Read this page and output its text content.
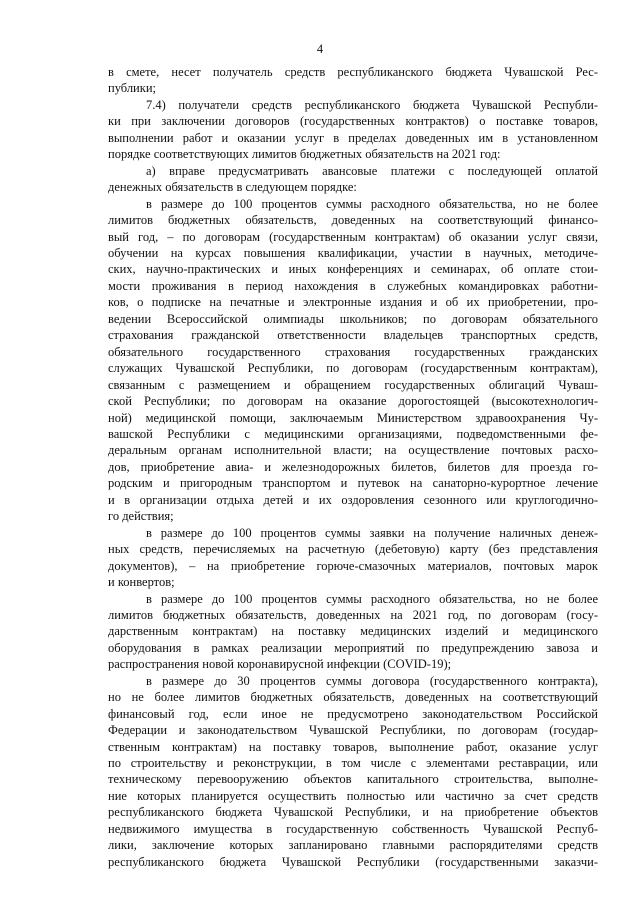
4
в смете, несет получатель средств республиканского бюджета Чувашской Рес-
публики;
7.4) получатели средств республиканского бюджета Чувашской Республи-
ки при заключении договоров (государственных контрактов) о поставке товаров,
выполнении работ и оказании услуг в пределах доведенных им в установленном
порядке соответствующих лимитов бюджетных обязательств на 2021 год:
а) вправе предусматривать авансовые платежи с последующей оплатой
денежных обязательств в следующем порядке:
в размере до 100 процентов суммы расходного обязательства, но не более
лимитов бюджетных обязательств, доведенных на соответствующий финансо-
вый год, – по договорам (государственным контрактам) об оказании услуг связи,
обучении на курсах повышения квалификации, участии в научных, методиче-
ских, научно-практических и иных конференциях и семинарах, об оплате стои-
мости проживания в период нахождения в служебных командировках работни-
ков, о подписке на печатные и электронные издания и об их приобретении, про-
ведении Всероссийской олимпиады школьников; по договорам обязательного
страхования гражданской ответственности владельцев транспортных средств,
обязательного государственного страхования государственных гражданских
служащих Чувашской Республики, по договорам (государственным контрактам),
связанным с размещением и обращением государственных облигаций Чуваш-
ской Республики; по договорам на оказание дорогостоящей (высокотехнологич-
ной) медицинской помощи, заключаемым Министерством здравоохранения Чу-
вашской Республики с медицинскими организациями, подведомственными фе-
деральным органам исполнительной власти; на осуществление почтовых расхо-
дов, приобретение авиа- и железнодорожных билетов, билетов для проезда го-
родским и пригородным транспортом и путевок на санаторно-курортное лечение
и в организации отдыха детей и их оздоровления сезонного или круглогодично-
го действия;
в размере до 100 процентов суммы заявки на получение наличных денеж-
ных средств, перечисляемых на расчетную (дебетовую) карту (без представления
документов), – на приобретение горюче-смазочных материалов, почтовых марок
и конвертов;
в размере до 100 процентов суммы расходного обязательства, но не более
лимитов бюджетных обязательств, доведенных на 2021 год, по договорам (госу-
дарственным контрактам) на поставку медицинских изделий и медицинского
оборудования в рамках реализации мероприятий по предупреждению завоза и
распространения новой коронавирусной инфекции (COVID-19);
в размере до 30 процентов суммы договора (государственного контракта),
но не более лимитов бюджетных обязательств, доведенных на соответствующий
финансовый год, если иное не предусмотрено законодательством Российской
Федерации и законодательством Чувашской Республики, по договорам (государ-
ственным контрактам) на поставку товаров, выполнение работ, оказание услуг
по строительству и реконструкции, в том числе с элементами реставрации, или
техническому перевооружению объектов капитального строительства, выполне-
ние которых планируется осуществить полностью или частично за счет средств
республиканского бюджета Чувашской Республики, и на приобретение объектов
недвижимого имущества в государственную собственность Чувашской Респуб-
лики, заключение которых запланировано главными распорядителями средств
республиканского бюджета Чувашской Республики (государственными заказчи-
